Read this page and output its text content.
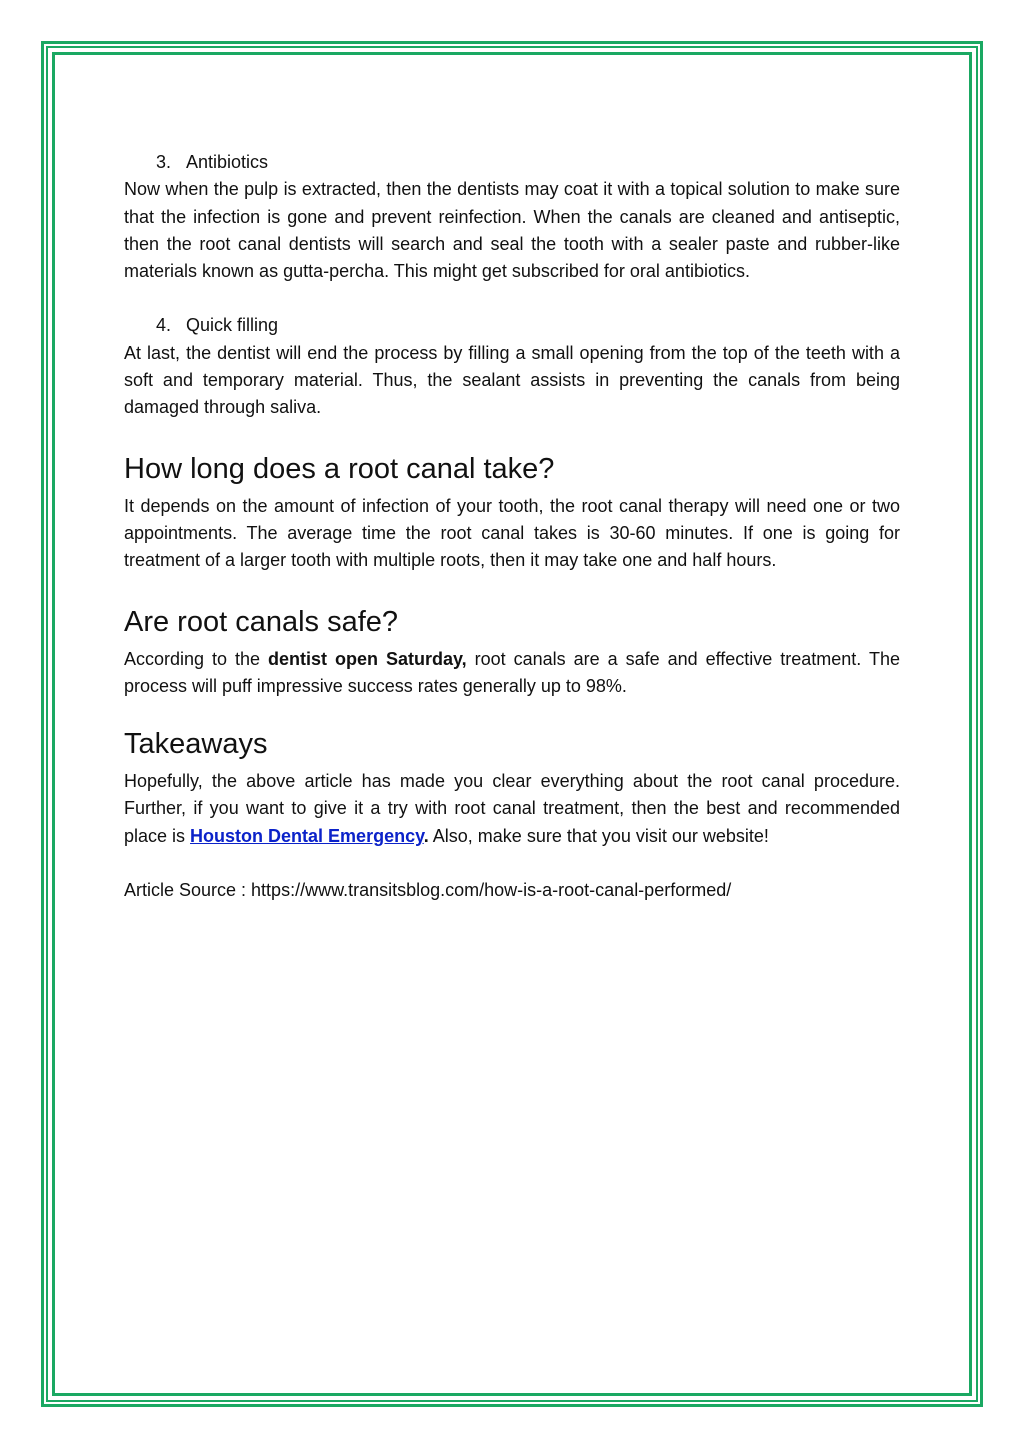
3. Antibiotics

Now when the pulp is extracted, then the dentists may coat it with a topical solution to make sure that the infection is gone and prevent reinfection. When the canals are cleaned and antiseptic, then the root canal dentists will search and seal the tooth with a sealer paste and rubber-like materials known as gutta-percha. This might get subscribed for oral antibiotics.

4. Quick filling

At last, the dentist will end the process by filling a small opening from the top of the teeth with a soft and temporary material. Thus, the sealant assists in preventing the canals from being damaged through saliva.

How long does a root canal take?

It depends on the amount of infection of your tooth, the root canal therapy will need one or two appointments. The average time the root canal takes is 30-60 minutes. If one is going for treatment of a larger tooth with multiple roots, then it may take one and half hours.

Are root canals safe?

According to the dentist open Saturday, root canals are a safe and effective treatment. The process will puff impressive success rates generally up to 98%.

Takeaways

Hopefully, the above article has made you clear everything about the root canal procedure. Further, if you want to give it a try with root canal treatment, then the best and recommended place is Houston Dental Emergency. Also, make sure that you visit our website!

Article Source : https://www.transitsblog.com/how-is-a-root-canal-performed/
